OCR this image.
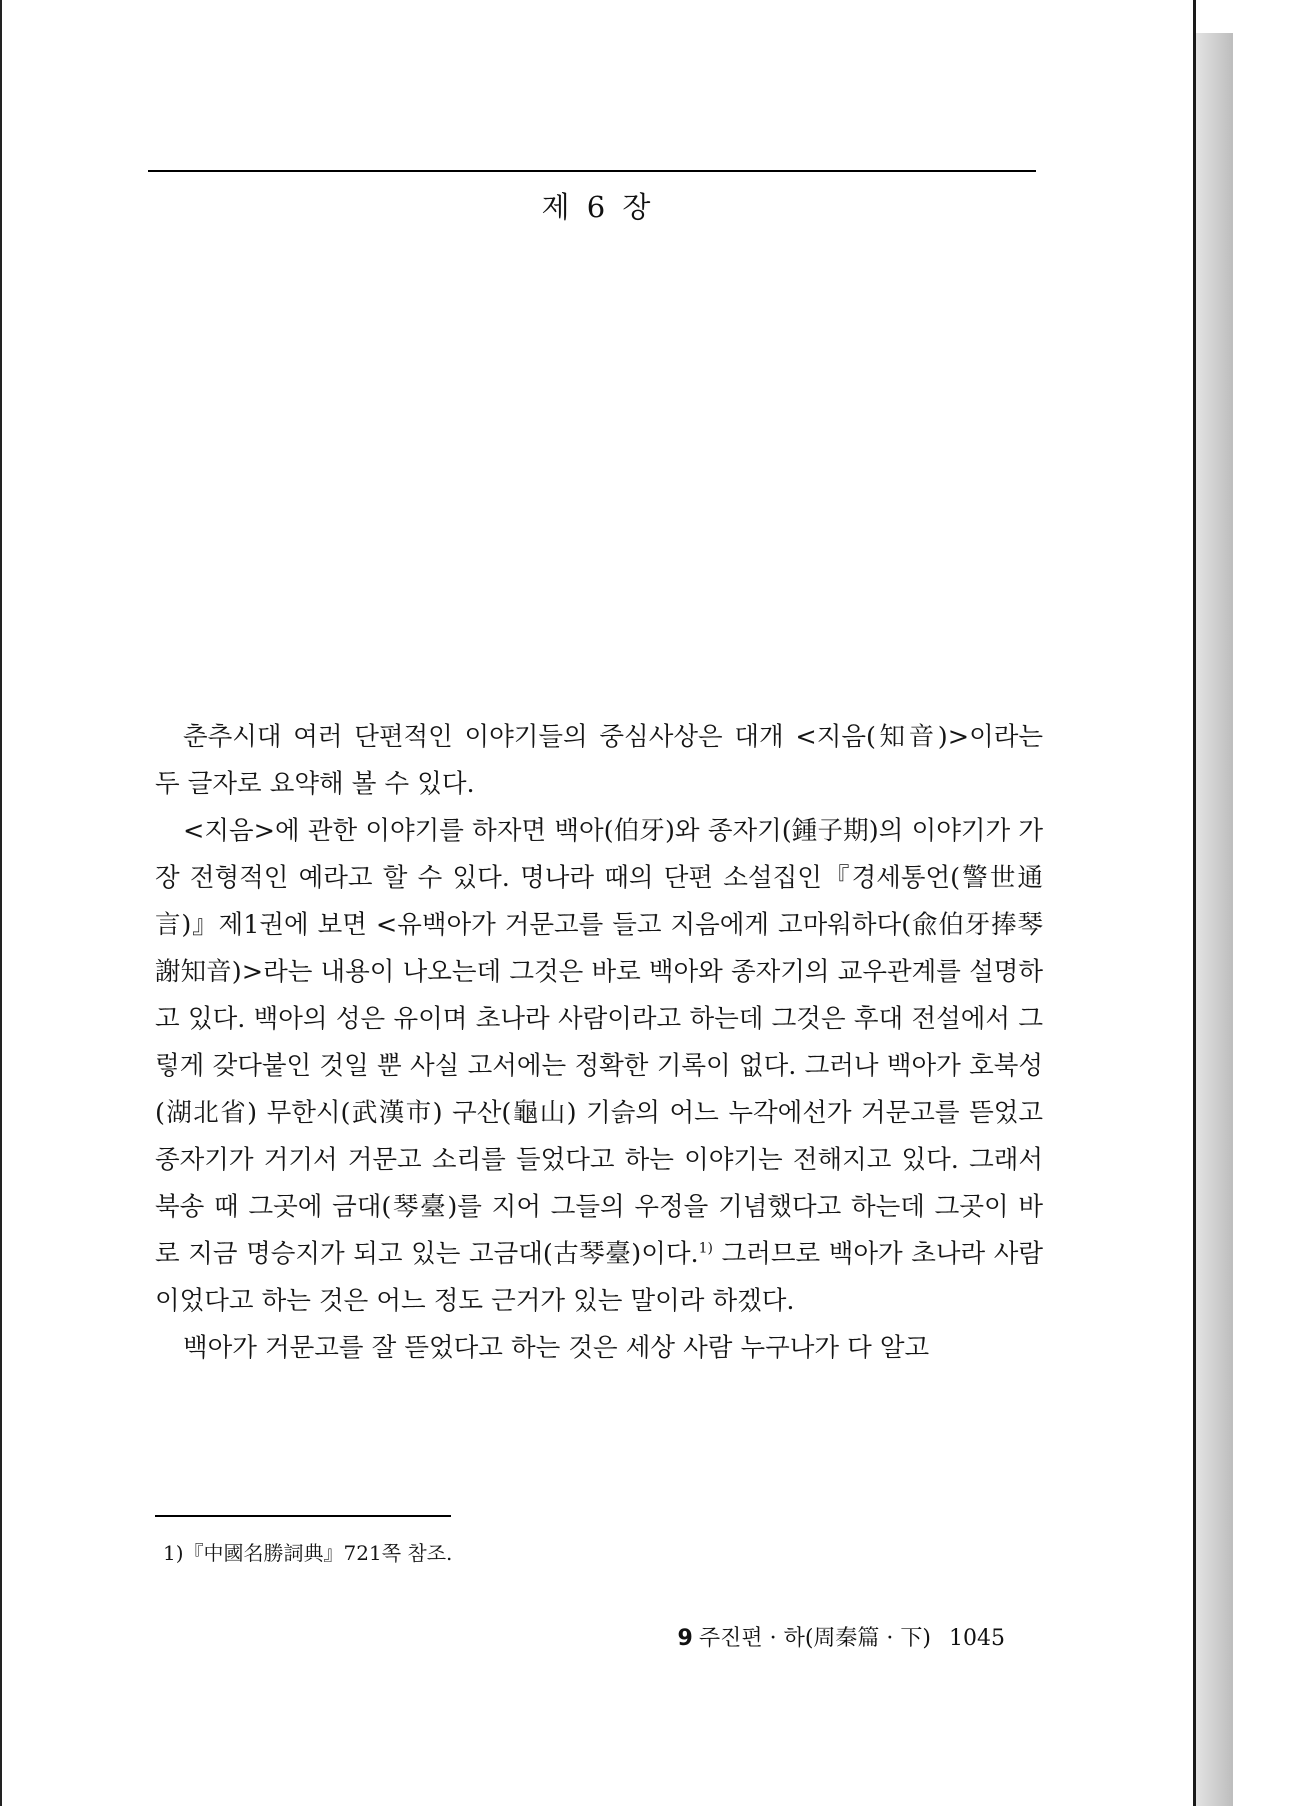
제 6 장

춘추시대 여러 단편적인 이야기들의 중심사상은 대개 <지음(知音)>이라는 두 글자로 요약해 볼 수 있다.

<지음>에 관한 이야기를 하자면 백아(伯牙)와 종자기(鍾子期)의 이야기가 가장 전형적인 예라고 할 수 있다. 명나라 때의 단편 소설집인『경세통언(警世通言)』제1권에 보면 <유백아가 거문고를 들고 지음에게 고마워하다(兪伯牙捧琴謝知音)>라는 내용이 나오는데 그것은 바로 백아와 종자기의 교우관계를 설명하고 있다. 백아의 성은 유이며 초나라 사람이라고 하는데 그것은 후대 전설에서 그렇게 갖다붙인 것일 뿐 사실 고서에는 정확한 기록이 없다. 그러나 백아가 호북성(湖北省) 무한시(武漢市) 구산(龜山) 기슭의 어느 누각에선가 거문고를 뜯었고 종자기가 거기서 거문고 소리를 들었다고 하는 이야기는 전해지고 있다. 그래서 북송 때 그곳에 금대(琴臺)를 지어 그들의 우정을 기념했다고 하는데 그곳이 바로 지금 명승지가 되고 있는 고금대(古琴臺)이다.$^{1)}$ 그러므로 백아가 초나라 사람이었다고 하는 것은 어느 정도 근거가 있는 말이라 하겠다.

백아가 거문고를 잘 뜯었다고 하는 것은 세상 사람 누구나가 다 알고

1)『中國名勝詞典』721쪽 참조.
9 주진편 · 하(周秦篇 · 下) 1045
